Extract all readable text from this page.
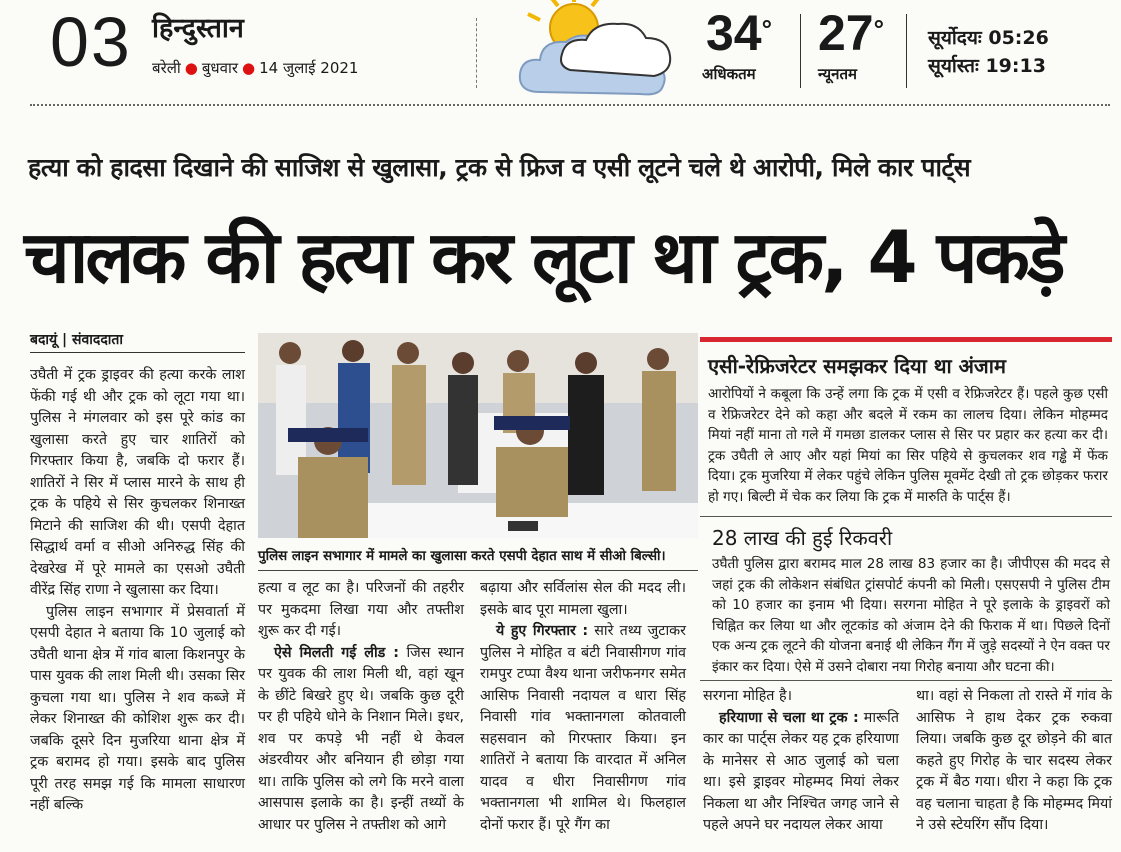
03 हिन्दुस्तान
बरेली ● बुधवार ● 14 जुलाई 2021
34°
अधिकतम
27°
न्यूनतम
सूर्योदयः 05:26
सूर्यास्तः 19:13
हत्या को हादसा दिखाने की साजिश से खुलासा, ट्रक से फ्रिज व एसी लूटने चले थे आरोपी, मिले कार पार्ट्स
चालक की हत्या कर लूटा था ट्रक, 4 पकड़े
बदायूं | संवाददाता

उघैती में ट्रक ड्राइवर की हत्या करके लाश फेंकी गई थी और ट्रक को लूटा गया था। पुलिस ने मंगलवार को इस पूरे कांड का खुलासा करते हुए चार शातिरों को गिरफ्तार किया है, जबकि दो फरार हैं। शातिरों ने सिर में प्लास मारने के साथ ही ट्रक के पहिये से सिर कुचलकर शिनाख्त मिटाने की साजिश की थी। एसपी देहात सिद्धार्थ वर्मा व सीओ अनिरुद्ध सिंह की देखरेख में पूरे मामले का एसओ उघैती वीरेंद्र सिंह राणा ने खुलासा कर दिया।

पुलिस लाइन सभागार में प्रेसवार्ता में एसपी देहात ने बताया कि 10 जुलाई को उघैती थाना क्षेत्र में गांव बाला किशनपुर के पास युवक की लाश मिली थी। उसका सिर कुचला गया था। पुलिस ने शव कब्जे में लेकर शिनाख्त की कोशिश शुरू कर दी। जबकि दूसरे दिन मुजरिया थाना क्षेत्र में ट्रक बरामद हो गया। इसके बाद पुलिस पूरी तरह समझ गई कि मामला साधारण नहीं बल्कि

पुलिस लाइन सभागार में मामले का खुलासा करते एसपी देहात साथ में सीओ बिल्सी।

हत्या व लूट का है। परिजनों की तहरीर पर मुकदमा लिखा गया और तफ्तीश शुरू कर दी गई।

ऐसे मिलती गई लीड : जिस स्थान पर युवक की लाश मिली थी, वहां खून के छींटे बिखरे हुए थे। जबकि कुछ दूरी पर ही पहिये धोने के निशान मिले। इधर, शव पर कपड़े भी नहीं थे केवल अंडरवीयर और बनियान ही छोड़ा गया था। ताकि पुलिस को लगे कि मरने वाला आसपास इलाके का है। इन्हीं तथ्यों के आधार पर पुलिस ने तफ्तीश को आगे

बढ़ाया और सर्विलांस सेल की मदद ली। इसके बाद पूरा मामला खुला।

ये हुए गिरफ्तार : सारे तथ्य जुटाकर पुलिस ने मोहित व बंटी निवासीगण गांव रामपुर टप्पा वैश्य थाना जरीफनगर समेत आसिफ निवासी नदायल व धारा सिंह निवासी गांव भक्तानगला कोतवाली सहसवान को गिरफ्तार किया। इन शातिरों ने बताया कि वारदात में अनिल यादव व धीरा निवासीगण गांव भक्तानगला भी शामिल थे। फिलहाल दोनों फरार हैं। पूरे गैंग का

एसी-रेफ्रिजरेटर समझकर दिया था अंजाम
आरोपियों ने कबूला कि उन्हें लगा कि ट्रक में एसी व रेफ्रिजरेटर हैं। पहले कुछ एसी व रेफ्रिजरेटर देने को कहा और बदले में रकम का लालच दिया। लेकिन मोहम्मद मियां नहीं माना तो गले में गमछा डालकर प्लास से सिर पर प्रहार कर हत्या कर दी। ट्रक उघैती ले आए और यहां मियां का सिर पहिये से कुचलकर शव गड्ढे में फेंक दिया। ट्रक मुजरिया में लेकर पहुंचे लेकिन पुलिस मूवमेंट देखी तो ट्रक छोड़कर फरार हो गए। बिल्टी में चेक कर लिया कि ट्रक में मारुति के पार्ट्स हैं।
28 लाख की हुई रिकवरी
उघैती पुलिस द्वारा बरामद माल 28 लाख 83 हजार का है। जीपीएस की मदद से जहां ट्रक की लोकेशन संबंधित ट्रांसपोर्ट कंपनी को मिली। एसएसपी ने पुलिस टीम को 10 हजार का इनाम भी दिया। सरगना मोहित ने पूरे इलाके के ड्राइवरों को चिह्नित कर लिया था और लूटकांड को अंजाम देने की फिराक में था। पिछले दिनों एक अन्य ट्रक लूटने की योजना बनाई थी लेकिन गैंग में जुड़े सदस्यों ने ऐन वक्त पर इंकार कर दिया। ऐसे में उसने दोबारा नया गिरोह बनाया और घटना की।

सरगना मोहित है।

हरियाणा से चला था ट्रक : मारूति कार का पार्ट्स लेकर यह ट्रक हरियाणा के मानेसर से आठ जुलाई को चला था। इसे ड्राइवर मोहम्मद मियां लेकर निकला था और निश्चित जगह जाने से पहले अपने घर नदायल लेकर आया

था। वहां से निकला तो रास्ते में गांव के आसिफ ने हाथ देकर ट्रक रुकवा लिया। जबकि कुछ दूर छोड़ने की बात कहते हुए गिरोह के चार सदस्य लेकर ट्रक में बैठ गया। धीरा ने कहा कि ट्रक वह चलाना चाहता है कि मोहम्मद मियां ने उसे स्टेयरिंग सौंप दिया।
